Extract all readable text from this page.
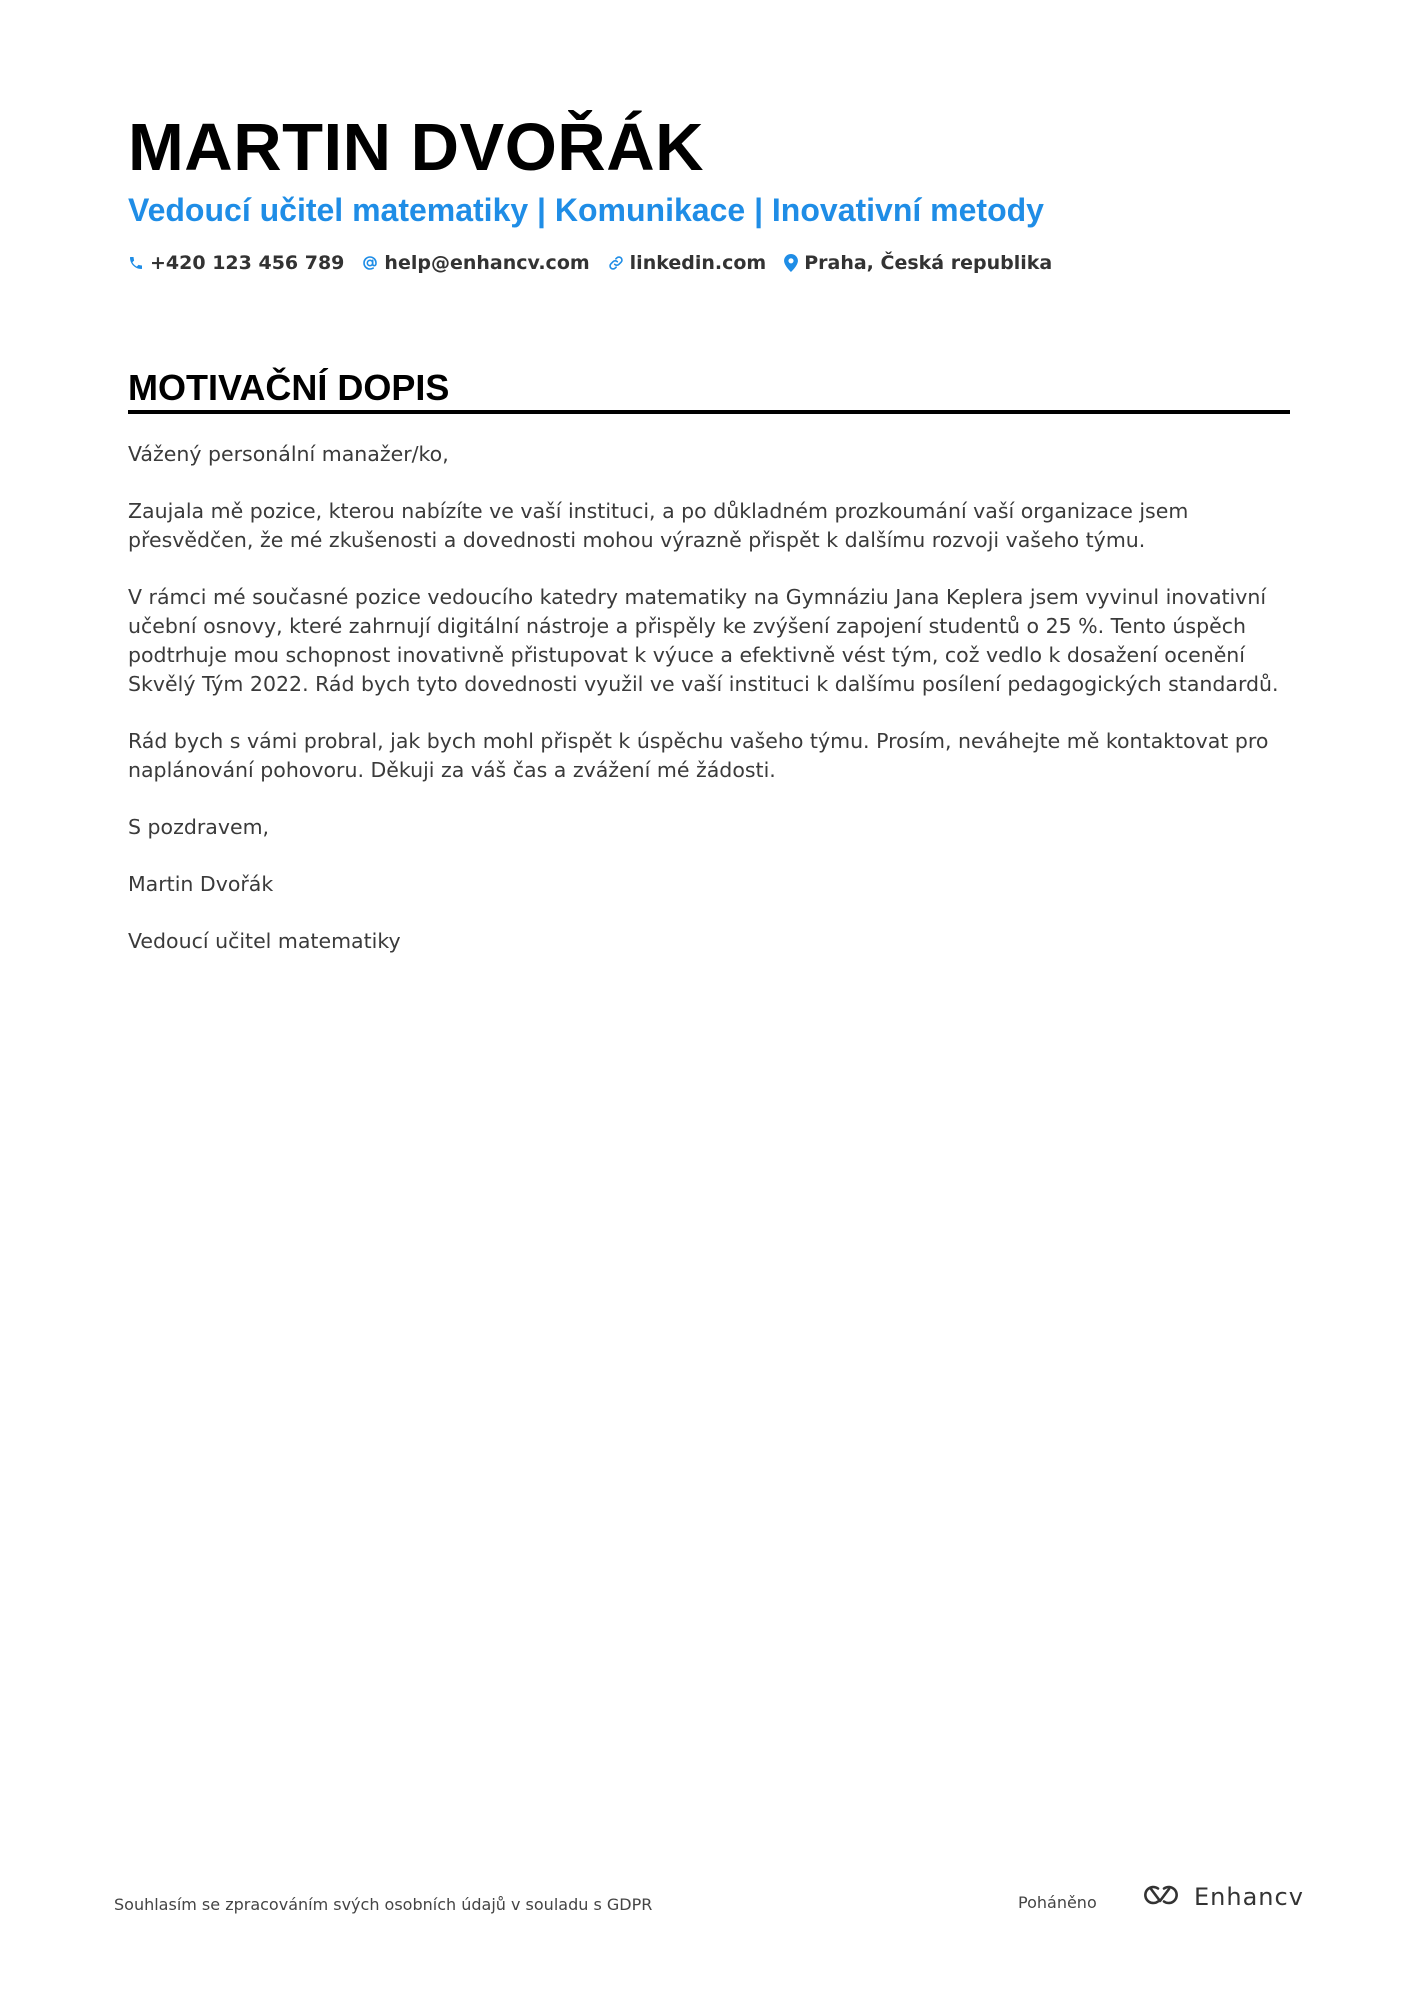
MARTIN DVOŘÁK
Vedoucí učitel matematiky | Komunikace | Inovativní metody
+420 123 456 789 help@enhancv.com linkedin.com Praha, Česká republika
MOTIVAČNÍ DOPIS

Vážený personální manažer/ko,

Zaujala mě pozice, kterou nabízíte ve vaší instituci, a po důkladném prozkoumání vaší organizace jsem přesvědčen, že mé zkušenosti a dovednosti mohou výrazně přispět k dalšímu rozvoji vašeho týmu.

V rámci mé současné pozice vedoucího katedry matematiky na Gymnáziu Jana Keplera jsem vyvinul inovativní učební osnovy, které zahrnují digitální nástroje a přispěly ke zvýšení zapojení studentů o 25 %. Tento úspěch podtrhuje mou schopnost inovativně přistupovat k výuce a efektivně vést tým, což vedlo k dosažení ocenění Skvělý Tým 2022. Rád bych tyto dovednosti využil ve vaší instituci k dalšímu posílení pedagogických standardů.

Rád bych s vámi probral, jak bych mohl přispět k úspěchu vašeho týmu. Prosím, neváhejte mě kontaktovat pro naplánování pohovoru. Děkuji za váš čas a zvážení mé žádosti.

S pozdravem,

Martin Dvořák

Vedoucí učitel matematiky

Souhlasím se zpracováním svých osobních údajů v souladu s GDPR	Poháněno	Enhancv
